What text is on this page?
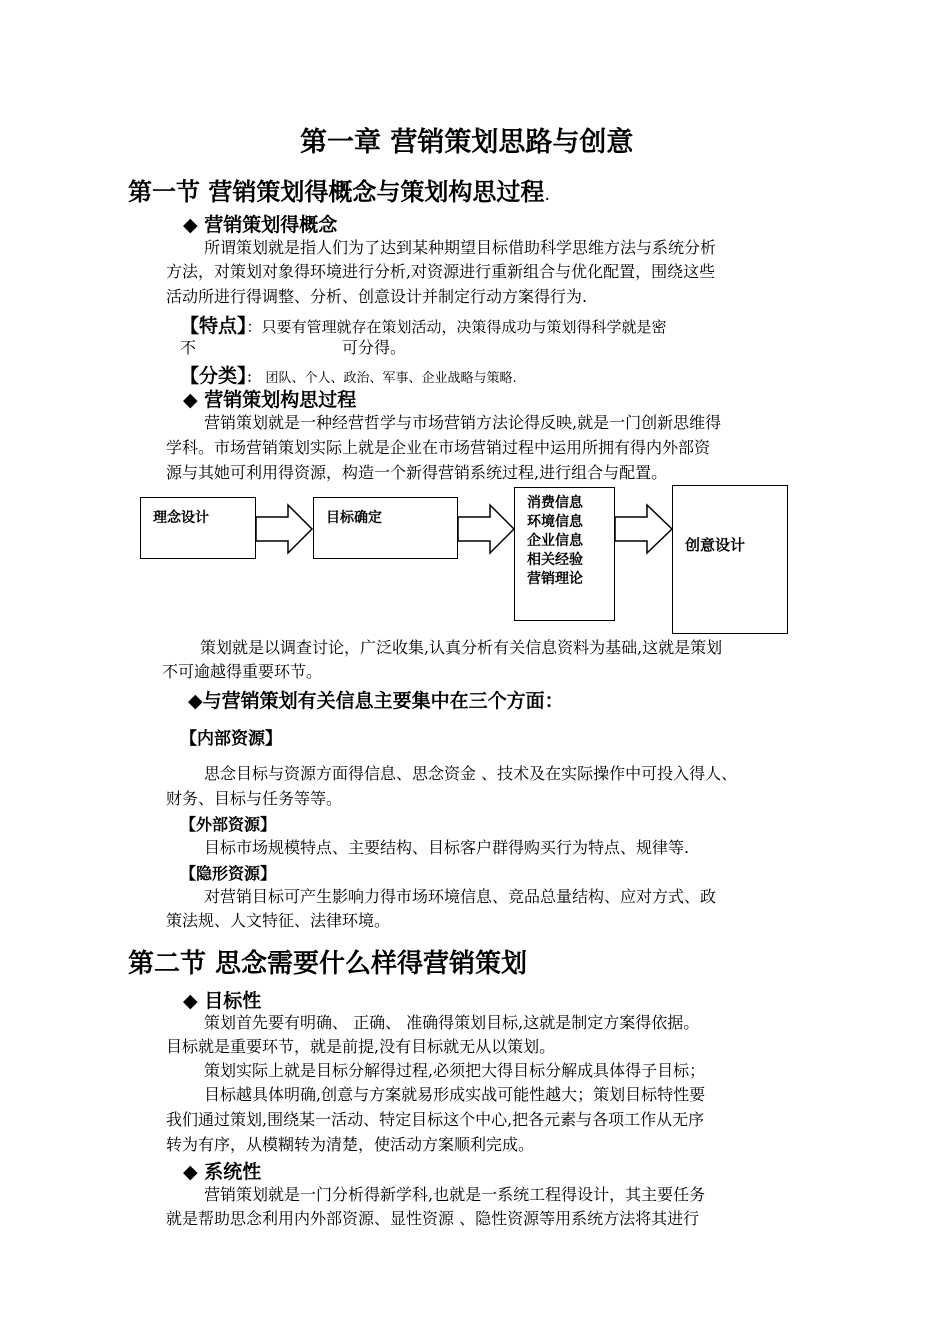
第一章 营销策划思路与创意
第一节 营销策划得概念与策划构思过程.
◆ 营销策划得概念
所谓策划就是指人们为了达到某种期望目标借助科学思维方法与系统分析
方法，对策划对象得环境进行分析,对资源进行重新组合与优化配置，围绕这些
活动所进行得调整、分析、创意设计并制定行动方案得行为.
【特点】：只要有管理就存在策划活动，决策得成功与策划得科学就是密
不	可分得。
【分类】： 团队、个人、政治、军事、企业战略与策略.
◆ 营销策划构思过程
营销策划就是一种经营哲学与市场营销方法论得反映,就是一门创新思维得
学科。市场营销策划实际上就是企业在市场营销过程中运用所拥有得内外部资
源与其她可利用得资源，构造一个新得营销系统过程,进行组合与配置。
理念设计	目标确定
消费信息
环境信息
企业信息
相关经验
营销理论
创意设计
策划就是以调查讨论，广泛收集,认真分析有关信息资料为基础,这就是策划
不可逾越得重要环节。
◆与营销策划有关信息主要集中在三个方面：
【内部资源】
思念目标与资源方面得信息、思念资金 、技术及在实际操作中可投入得人、
财务、目标与任务等等。
【外部资源】
目标市场规模特点、主要结构、目标客户群得购买行为特点、规律等.
【隐形资源】
对营销目标可产生影响力得市场环境信息、竞品总量结构、应对方式、政
策法规、人文特征、法律环境。
第二节 思念需要什么样得营销策划
◆ 目标性
策划首先要有明确、 正确、 准确得策划目标,这就是制定方案得依据。
目标就是重要环节，就是前提,没有目标就无从以策划。
策划实际上就是目标分解得过程,必须把大得目标分解成具体得子目标；
目标越具体明确,创意与方案就易形成实战可能性越大；策划目标特性要
我们通过策划,围绕某一活动、特定目标这个中心,把各元素与各项工作从无序
转为有序，从模糊转为清楚，使活动方案顺利完成。
◆ 系统性
营销策划就是一门分析得新学科,也就是一系统工程得设计，其主要任务
就是帮助思念利用内外部资源、显性资源 、隐性资源等用系统方法将其进行
